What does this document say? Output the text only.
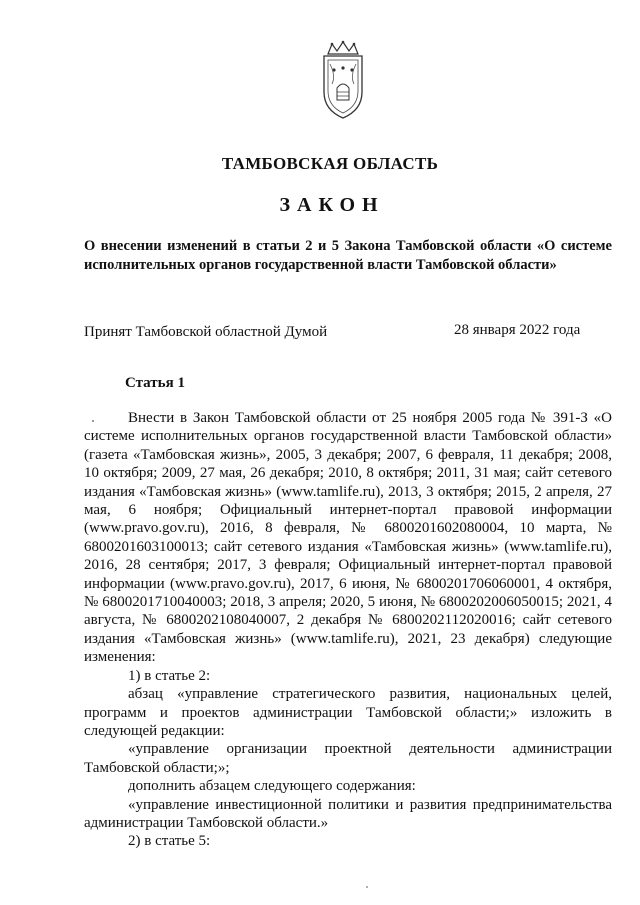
ТАМБОВСКАЯ ОБЛАСТЬ
ЗАКОН
О внесении изменений в статьи 2 и 5 Закона Тамбовской области «О системе исполнительных органов государственной власти Тамбовской области»
Принят Тамбовской областной Думой	28 января 2022 года
Статья 1

Внести в Закон Тамбовской области от 25 ноября 2005 года № 391-З «О системе исполнительных органов государственной власти Тамбовской области» (газета «Тамбовская жизнь», 2005, 3 декабря; 2007, 6 февраля, 11 декабря; 2008, 10 октября; 2009, 27 мая, 26 декабря; 2010, 8 октября; 2011, 31 мая; сайт сетевого издания «Тамбовская жизнь» (www.tamlife.ru), 2013, 3 октября; 2015, 2 апреля, 27 мая, 6 ноября; Официальный интернет-портал правовой информации (www.pravo.gov.ru), 2016, 8 февраля, № 6800201602080004, 10 марта, № 6800201603100013; сайт сетевого издания «Тамбовская жизнь» (www.tamlife.ru), 2016, 28 сентября; 2017, 3 февраля; Официальный интернет-портал правовой информации (www.pravo.gov.ru), 2017, 6 июня, № 6800201706060001, 4 октября, № 6800201710040003; 2018, 3 апреля; 2020, 5 июня, № 6800202006050015; 2021, 4 августа, № 6800202108040007, 2 декабря № 6800202112020016; сайт сетевого издания «Тамбовская жизнь» (www.tamlife.ru), 2021, 23 декабря) следующие изменения:

1) в статье 2:

абзац «управление стратегического развития, национальных целей, программ и проектов администрации Тамбовской области;» изложить в следующей редакции:

«управление организации проектной деятельности администрации Тамбовской области;»;

дополнить абзацем следующего содержания:

«управление инвестиционной политики и развития предпринимательства администрации Тамбовской области.»

2) в статье 5:
